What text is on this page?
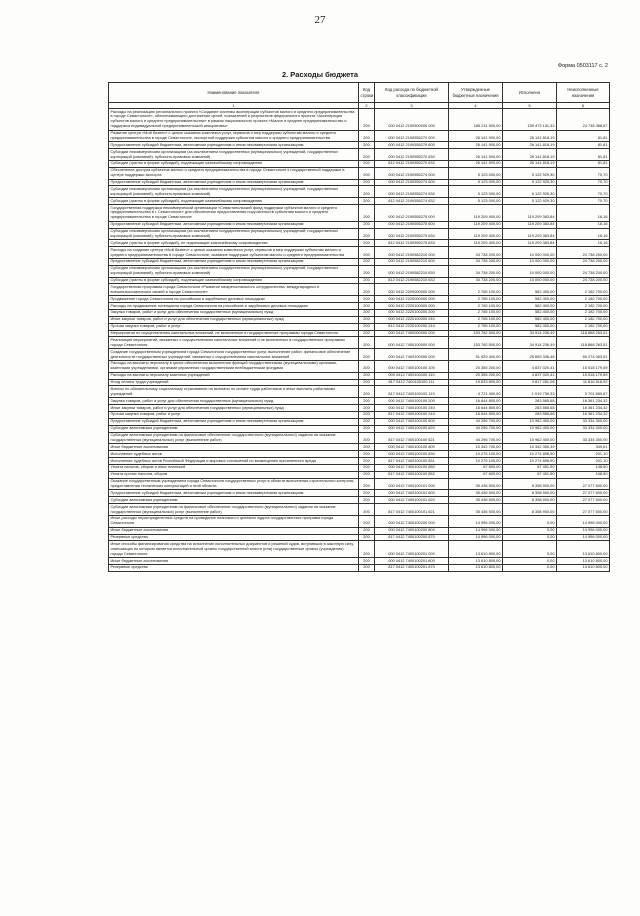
27
Форма 0503117 с. 2
2. Расходы бюджета
Наименование показателя	Код строки	Код расхода по бюджетной классификации	Утвержденные бюджетные назначения	Исполнено	Неисполненные назначения
1	2	3	4	5	6
Расходы на реализацию регионального проекта «Создание системы акселерации субъектов малого и среднего предпринимательства в городе Севастополе», обеспечивающего достижение целей, показателей и результатов федерального проекта «Акселерация субъектов малого и среднего предпринимательства» в рамках национального проекта «Малое и среднее предпринимательство и поддержка индивидуальной предпринимательской инициативы»	200	000 0412 2190500000 000	185 211 900,00	159 473 131,33	24 738 368,67
Развитие центра «Мой бизнес» с целью оказания комплекса услуг, сервисов и мер поддержки субъектам малого и среднего предпринимательства в городе Севастополе, экспортной поддержки субъектов малого и среднего предпринимательства	200	000 0412 2190555270 000	26 141 900,00	26 141 818,19	81,81
Предоставление субсидий бюджетным, автономным учреждениям и иным некоммерческим организациям	200	000 0412 2190555270 600	26 141 900,00	26 141 818,19	81,81
Субсидии некоммерческим организациям (за исключением государственных (муниципальных) учреждений, государственных корпораций (компаний), публично-правовых компаний)	200	000 0412 2190555270 630	26 141 900,00	26 141 818,19	81,81
Субсидии (гранты в форме субсидий), подлежащие казначейскому сопровождению	200	812 0412 2190555270 632	26 141 900,00	26 141 818,19	81,81
Обеспечение доступа субъектов малого и среднего предпринимательства в городе Севастополе к государственной поддержке в Центре поддержки экспорта	200	000 0412 2190555274 000	5 123 000,00	5 122 929,30	70,70
Предоставление субсидий бюджетным, автономным учреждениям и иным некоммерческим организациям	200	000 0412 2190555274 600	5 123 000,00	5 122 929,30	70,70
Субсидии некоммерческим организациям (за исключением государственных (муниципальных) учреждений, государственных корпораций (компаний), публично-правовых компаний)	200	000 0412 2190555274 630	5 123 000,00	5 122 929,30	70,70
Субсидии (гранты в форме субсидий), подлежащие казначейскому сопровождению	200	812 0412 2190555274 632	5 123 000,00	5 122 929,30	70,70
Государственная поддержка некоммерческой организации «Севастопольский фонд поддержки субъектов малого и среднего предпринимательства в г. Севастополе» для обеспечения предоставления поручительств субъектам малого и среднего предпринимательства в городе Севастополе	200	000 0412 2190555275 000	119 209 400,00	119 209 383,84	16,16
Предоставление субсидий бюджетным, автономным учреждениям и иным некоммерческим организациям	200	000 0412 2190555275 600	119 209 400,00	119 209 383,84	16,16
Субсидии некоммерческим организациям (за исключением государственных (муниципальных) учреждений, государственных корпораций (компаний), публично-правовых компаний)	200	000 0412 2190555275 630	119 209 400,00	119 209 383,84	16,16
Субсидии (гранты в форме субсидий), не подлежащие казначейскому сопровождению	200	812 0412 2190555275 633	119 209 400,00	119 209 383,84	16,16
Расходы на создание центра «Мой бизнес» с целью оказания комплекса услуг, сервисов и мер поддержки субъектам малого и среднего предпринимательства в городе Севастополе, оказание поддержки субъектам малого и среднего предпринимательства	200	000 0412 2190582210 000	34 738 200,00	10 000 000,00	24 738 200,00
Предоставление субсидий бюджетным, автономным учреждениям и иным некоммерческим организациям	200	000 0412 2190582210 600	34 738 200,00	10 000 000,00	24 738 200,00
Субсидии некоммерческим организациям (за исключением государственных (муниципальных) учреждений, государственных корпораций (компаний), публично-правовых компаний)	200	000 0412 2190582210 630	34 738 200,00	10 000 000,00	24 738 200,00
Субсидии (гранты в форме субсидий), подлежащие казначейскому сопровождению	200	812 0412 2190582210 632	34 738 200,00	10 000 000,00	24 738 200,00
Государственная программа города Севастополя «Развитие межрегионального сотрудничества, международных и внешнеэкономических связей в городе Севастополе»	200	000 0412 2200000000 000	2 765 100,00	582 400,00	2 182 700,00
Продвижение города Севастополя на российском и зарубежных деловых площадках	200	000 0412 2220000000 000	2 765 100,00	582 400,00	2 182 700,00
Расходы на продвижение потенциала города Севастополя на российских и зарубежных деловых площадках	200	000 0412 2220100000 000	2 765 100,00	582 400,00	2 182 700,00
Закупка товаров, работ и услуг для обеспечения государственных (муниципальных) нужд	200	000 0412 2220100200 200	2 765 100,00	582 400,00	2 182 700,00
Иные закупки товаров, работ и услуг для обеспечения государственных (муниципальных) нужд	200	000 0412 2220100200 240	2 765 100,00	582 400,00	2 182 700,00
Прочая закупка товаров, работ и услуг	200	812 0412 2220100200 244	2 765 100,00	582 400,00	2 182 700,00
Мероприятия по осуществлению капитальных вложений, не включенные в государственные программы города Севастополя	200	000 0412 7400000000 000	153 782 500,00	34 914 236,49	118 868 263,51
Реализация мероприятий, связанных с осуществлением капитальных вложений и не включенных в государственные программы города Севастополя	200	000 0412 7400100000 000	153 782 500,00	34 914 236,49	118 868 263,51
Создание государственным учреждением города Севастополя государственных услуг, выполнение работ, финансовое обеспечение деятельности государственных учреждений, связанных с осуществлением капитальных вложений	200	000 0412 7400100000 000	91 929 400,00	26 655 336,48	65 274 063,51
Расходы на выплаты персоналу в целях обеспечения выполнения функций государственными (муниципальными) органами, казенными учреждениями, органами управления государственными внебюджетными фондами	200	000 0412 7400100100 100	20 355 200,00	4 837 020,41	15 518 179,59
Расходы на выплаты персоналу казенных учреждений	200	000 0412 7400100100 110	20 355 200,00	4 837 020,41	15 518 179,59
Фонд оплаты труда учреждений	200	817 0412 7400100100 111	15 633 800,00	3 817 281,08	11 816 518,92
Взносы по обязательному социальному страхованию на выплаты по оплате труда работников и иные выплаты работникам учреждений	200	817 0412 7400100100 119	4 721 400,00	1 019 739,33	3 701 660,67
Закупка товаров, работ и услуг для обеспечения государственных (муниципальных) нужд	200	000 0412 7400100100 200	16 644 800,00	283 565,68	16 361 234,32
Иные закупки товаров, работ и услуг для обеспечения государственных (муниципальных) нужд	200	000 0412 7400100100 240	16 644 800,00	283 565,68	16 361 234,32
Прочая закупка товаров, работ и услуг	200	817 0412 7400100100 244	16 644 800,00	283 565,68	16 361 234,32
Предоставление субсидий бюджетным, автономным учреждениям и иным некоммерческим организациям	200	000 0412 7400100100 600	44 296 700,00	10 962 400,00	33 334 300,00
Субсидии автономным учреждениям	200	000 0412 7400100100 620	44 296 700,00	10 962 400,00	33 334 300,00
Субсидии автономным учреждениям на финансовое обеспечение государственного (муниципального) задания на оказание государственных (муниципальных) услуг (выполнение работ)	200	817 0412 7400100100 621	44 296 700,00	10 962 400,00	33 334 300,00
Иные бюджетные ассигнования	200	000 0412 7400100100 800	10 342 700,00	10 342 350,39	349,61
Исполнение судебных актов	200	000 0412 7400100100 830	10 275 100,00	10 274 898,90	201,10
Исполнение судебных актов Российской Федерации и мировых соглашений по возмещению причиненного вреда	200	817 0412 7400100100 831	10 275 100,00	10 274 898,90	201,10
Уплата налогов, сборов и иных платежей	200	000 0412 7400100100 850	67 600,00	67 451,50	148,50
Уплата прочих налогов, сборов	200	817 0412 7400100100 852	67 600,00	67 451,50	148,50
Оказание государственным учреждением города Севастополя государственных услуг в области выполнения строительного контроля, предоставления технических консультаций и этой области	200	000 0412 7400100101 000	35 436 500,00	8 358 900,00	27 077 600,00
Предоставление субсидий бюджетным, автономным учреждениям и иным некоммерческим организациям	200	000 0412 7400100101 600	35 436 500,00	8 358 900,00	27 077 600,00
Субсидии автономным учреждениям	200	000 0412 7400100101 620	35 436 500,00	8 358 900,00	27 077 600,00
Субсидии автономным учреждениям на финансовое обеспечение государственного (муниципального) задания на оказание государственных (муниципальных) услуг (выполнение работ)	200	817 0412 7400100101 621	35 436 500,00	8 358 900,00	27 077 600,00
Иные расходы нераспределенных средств на проведение планового и целевого аудита государственных программ города Севастополя	200	000 0412 7400100200 000	14 996 000,00	0,00	14 996 000,00
Иные бюджетные ассигнования	200	000 0412 7400100200 800	14 996 000,00	0,00	14 996 000,00
Резервные средства	200	817 0412 7400100200 870	14 996 000,00	0,00	14 996 000,00
Иные способы финансирования средства на исполнение исполнительных документов и решений судов, вступивших в законную силу, отвечающих по которым является исполнительный органы государственной власти (или) государственные органы (учреждения) города Севастополя	200	000 0412 7400100201 000	13 610 800,00	0,00	13 610 800,00
Иные бюджетные ассигнования	200	000 0412 7400100201 800	13 610 800,00	0,00	13 610 800,00
Резервные средства	200	817 0412 7400100201 870	13 610 800,00	0,00	13 610 800,00
